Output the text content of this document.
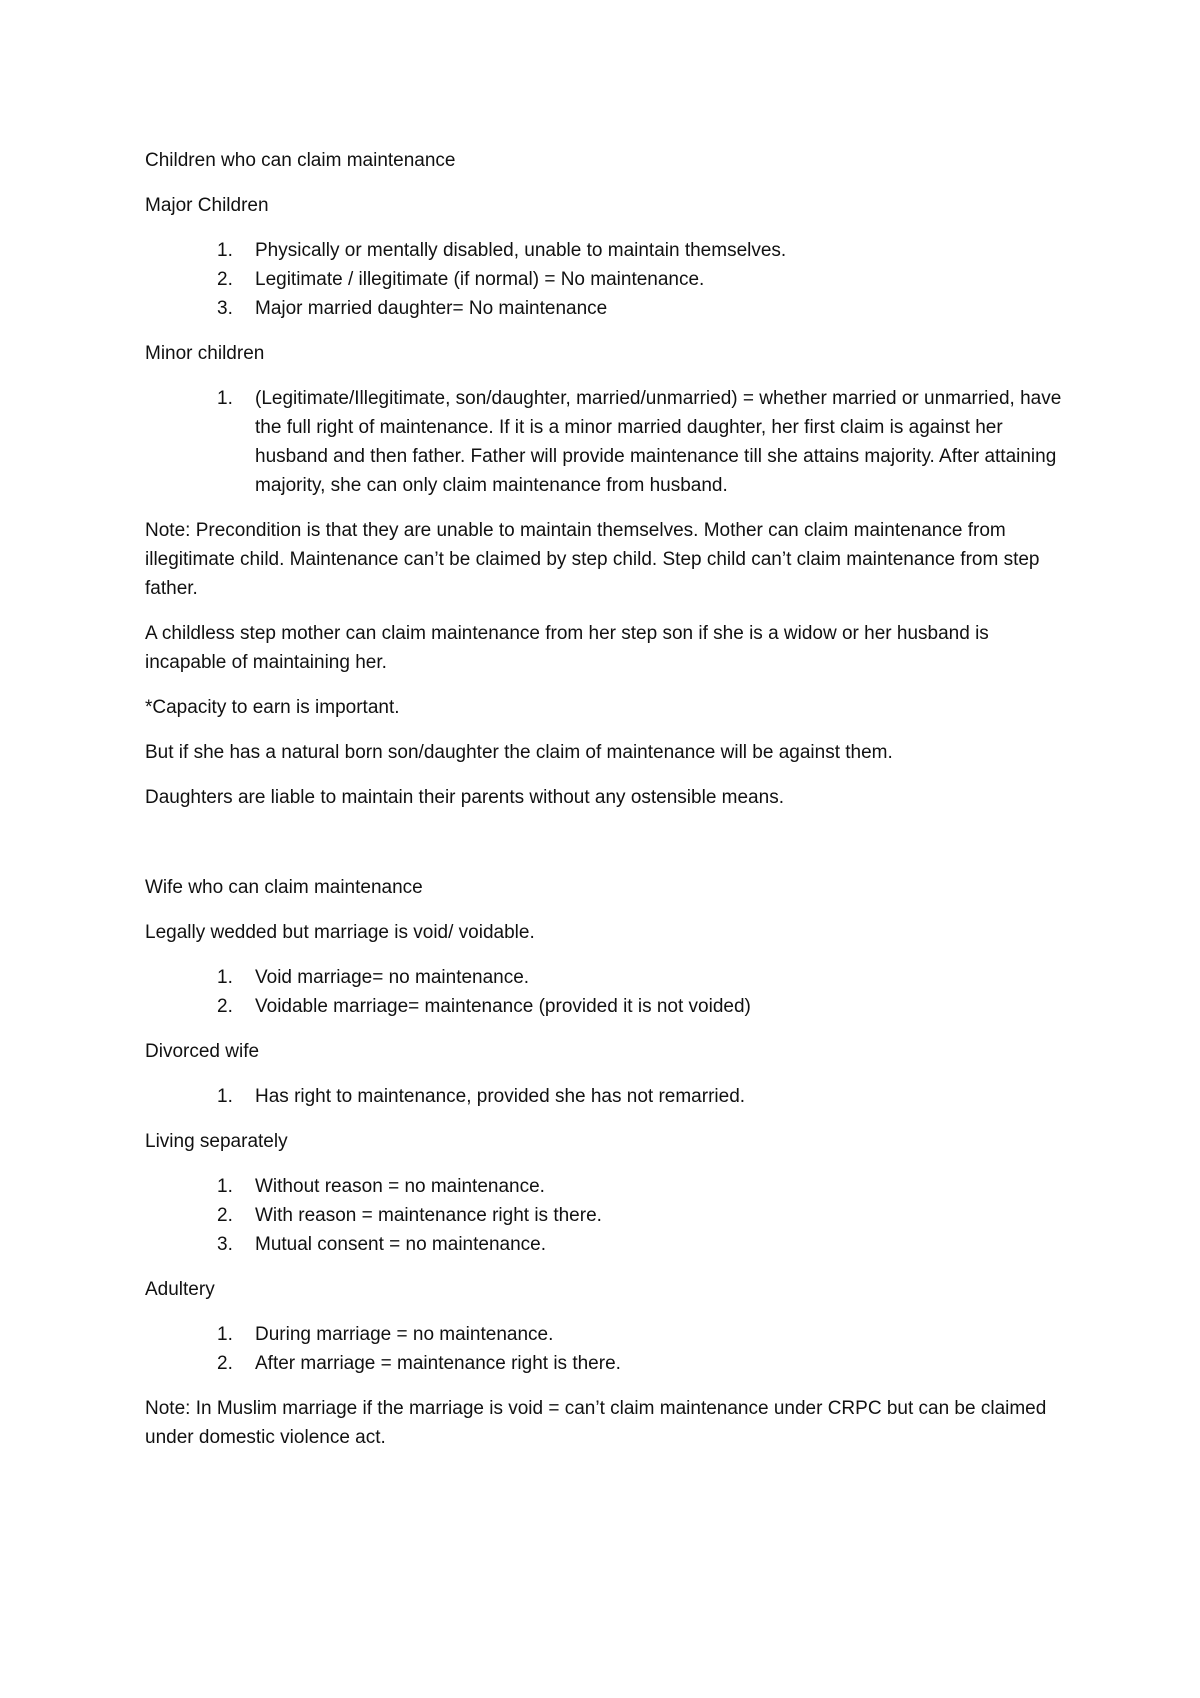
Children who can claim maintenance

Major Children

1. Physically or mentally disabled, unable to maintain themselves.
2. Legitimate / illegitimate (if normal) = No maintenance.
3. Major married daughter= No maintenance

Minor children

1. (Legitimate/Illegitimate, son/daughter, married/unmarried) = whether married or unmarried, have the full right of maintenance. If it is a minor married daughter, her first claim is against her husband and then father. Father will provide maintenance till she attains majority. After attaining majority, she can only claim maintenance from husband.

Note: Precondition is that they are unable to maintain themselves. Mother can claim maintenance from illegitimate child. Maintenance can’t be claimed by step child. Step child can’t claim maintenance from step father.

A childless step mother can claim maintenance from her step son if she is a widow or her husband is incapable of maintaining her.

*Capacity to earn is important.

But if she has a natural born son/daughter the claim of maintenance will be against them.

Daughters are liable to maintain their parents without any ostensible means.

Wife who can claim maintenance

Legally wedded but marriage is void/ voidable.

1. Void marriage= no maintenance.
2. Voidable marriage= maintenance (provided it is not voided)

Divorced wife

1. Has right to maintenance, provided she has not remarried.

Living separately

1. Without reason = no maintenance.
2. With reason = maintenance right is there.
3. Mutual consent = no maintenance.

Adultery

1. During marriage = no maintenance.
2. After marriage = maintenance right is there.

Note: In Muslim marriage if the marriage is void = can’t claim maintenance under CRPC but can be claimed under domestic violence act.
